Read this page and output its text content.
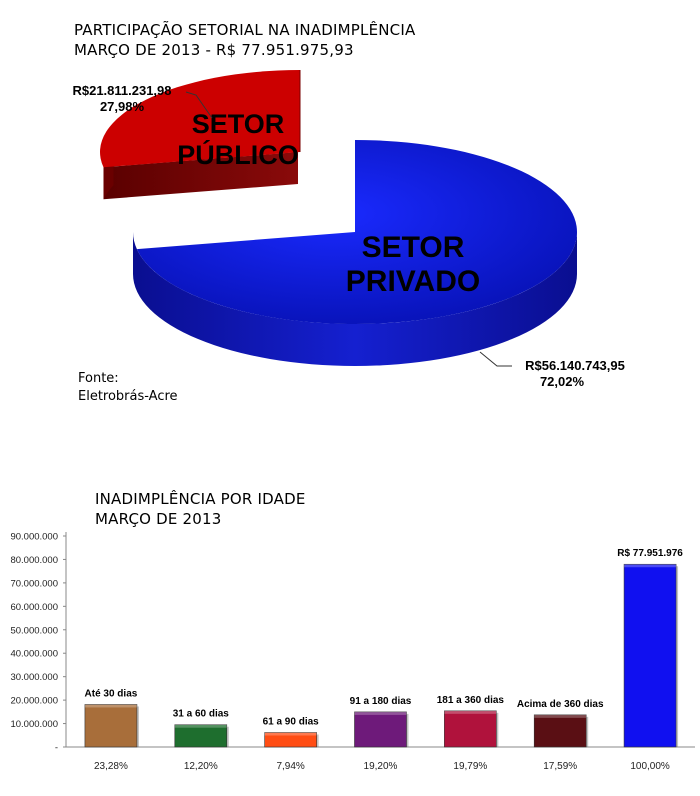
PARTICIPAÇÃO SETORIAL NA INADIMPLÊNCIA
MARÇO DE 2013 - R$ 77.951.975,93
Fonte:
Eletrobrás-Acre
INADIMPLÊNCIA POR IDADE
MARÇO DE 2013
SETOR
PÚBLICO
SETOR
PRIVADO
R$21.811.231,98
27,98%
R$56.140.743,95
72,02%
-
10.000.000
20.000.000
30.000.000
40.000.000
50.000.000
60.000.000
70.000.000
80.000.000
90.000.000
Até 30 dias
23,28%
31 a 60 dias
12,20%
61 a 90 dias
7,94%
91 a 180 dias
19,20%
181 a 360 dias
19,79%
Acima de 360 dias
17,59%
R$ 77.951.976
100,00%
